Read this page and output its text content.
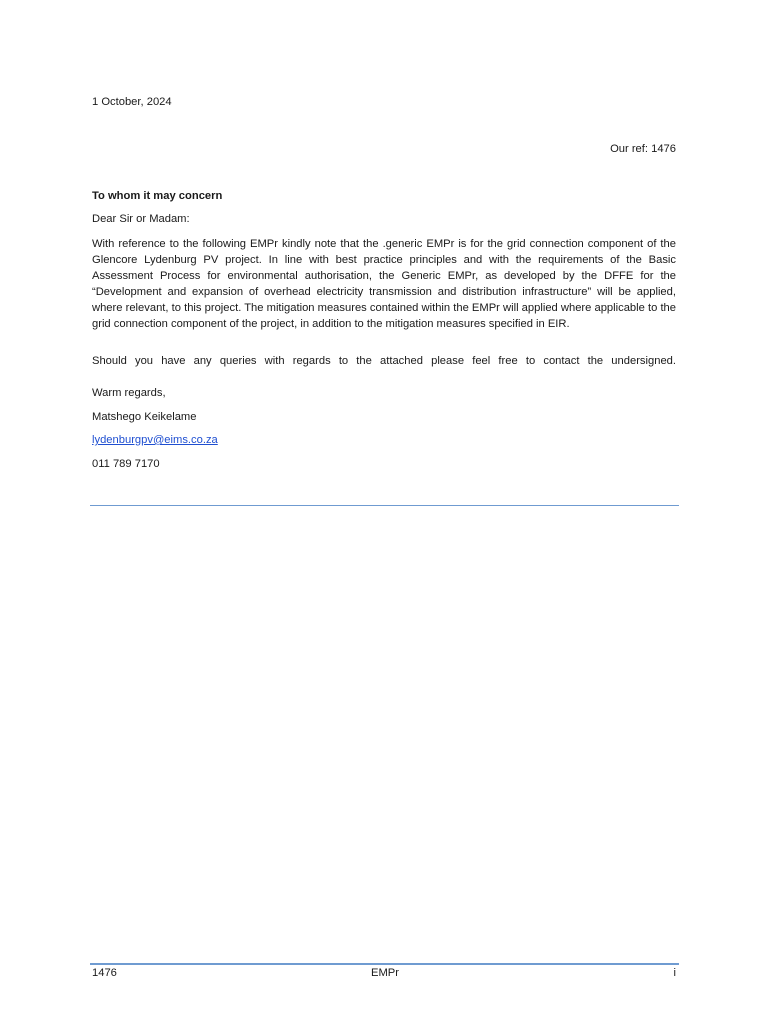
1 October, 2024
Our ref: 1476
To whom it may concern
Dear Sir or Madam:
With reference to the following EMPr kindly note that the .generic EMPr is for the grid connection component of the Glencore Lydenburg PV project. In line with best practice principles and with the requirements of the Basic Assessment Process for environmental authorisation, the Generic EMPr, as developed by the DFFE for the “Development and expansion of overhead electricity transmission and distribution infrastructure” will be applied, where relevant, to this project. The mitigation measures contained within the EMPr will applied where applicable to the grid connection component of the project, in addition to the mitigation measures specified in EIR.
Should you have any queries with regards to the attached please feel free to contact the undersigned.
Warm regards,
Matshego Keikelame
lydenburgpv@eims.co.za
011 789 7170
1476	EMPr	i
